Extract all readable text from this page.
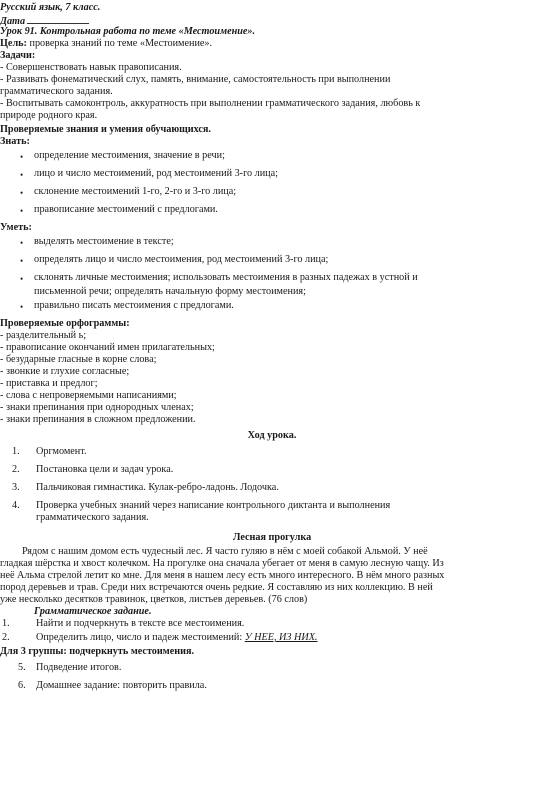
Русский язык, 7 класс.
Дата
Урок 91. Контрольная работа по теме «Местоимение».
Цель: проверка знаний по теме «Местоимение».
Задачи:
- Совершенствовать навык правописания.
- Развивать фонематический слух, память, внимание, самостоятельность при выполнении
грамматического задания.
- Воспитывать самоконтроль, аккуратность при выполнении грамматического задания, любовь к
природе родного края.
Проверяемые знания и умения обучающихся.
Знать:
• определение местоимения, значение в речи;
• лицо и число местоимений, род местоимений 3-го лица;
• склонение местоимений 1-го, 2-го и 3-го лица;
• правописание местоимений с предлогами.
Уметь:
• выделять местоимение в тексте;
• определять лицо и число местоимения, род местоимений 3-го лица;
• склонять личные местоимения; использовать местоимения в разных падежах в устной и
письменной речи; определять начальную форму местоимения;
• правильно писать местоимения с предлогами.
Проверяемые орфограммы:
- разделительный ь;
- правописание окончаний имен прилагательных;
- безударные гласные в корне слова;
- звонкие и глухие согласные;
- приставка и предлог;
- слова с непроверяемыми написаниями;
- знаки препинания при однородных членах;
- знаки препинания в сложном предложении.
Ход урока.
1. Оргмомент.
2. Постановка цели и задач урока.
3. Пальчиковая гимнастика. Кулак-ребро-ладонь. Лодочка.
4. Проверка учебных знаний через написание контрольного диктанта и выполнения
грамматического задания.
Лесная прогулка
Рядом с нашим домом есть чудесный лес. Я часто гуляю в нём с моей собакой Альмой. У неё
гладкая шёрстка и хвост колечком. На прогулке она сначала убегает от меня в самую лесную чащу. Из
неё Альма стрелой летит ко мне. Для меня в нашем лесу есть много интересного. В нём много разных
пород деревьев и трав. Среди них встречаются очень редкие. Я составляю из них коллекцию. В ней
уже несколько десятков травинок, цветков, листьев деревьев. (76 слов)
Грамматическое задание.
1.	Найти и подчеркнуть в тексте все местоимения.
2.	Определить лицо, число и падеж местоимений: У НЕЕ, ИЗ НИХ.
Для 3 группы: подчеркнуть местоимения.
5. Подведение итогов.
6. Домашнее задание: повторить правила.
